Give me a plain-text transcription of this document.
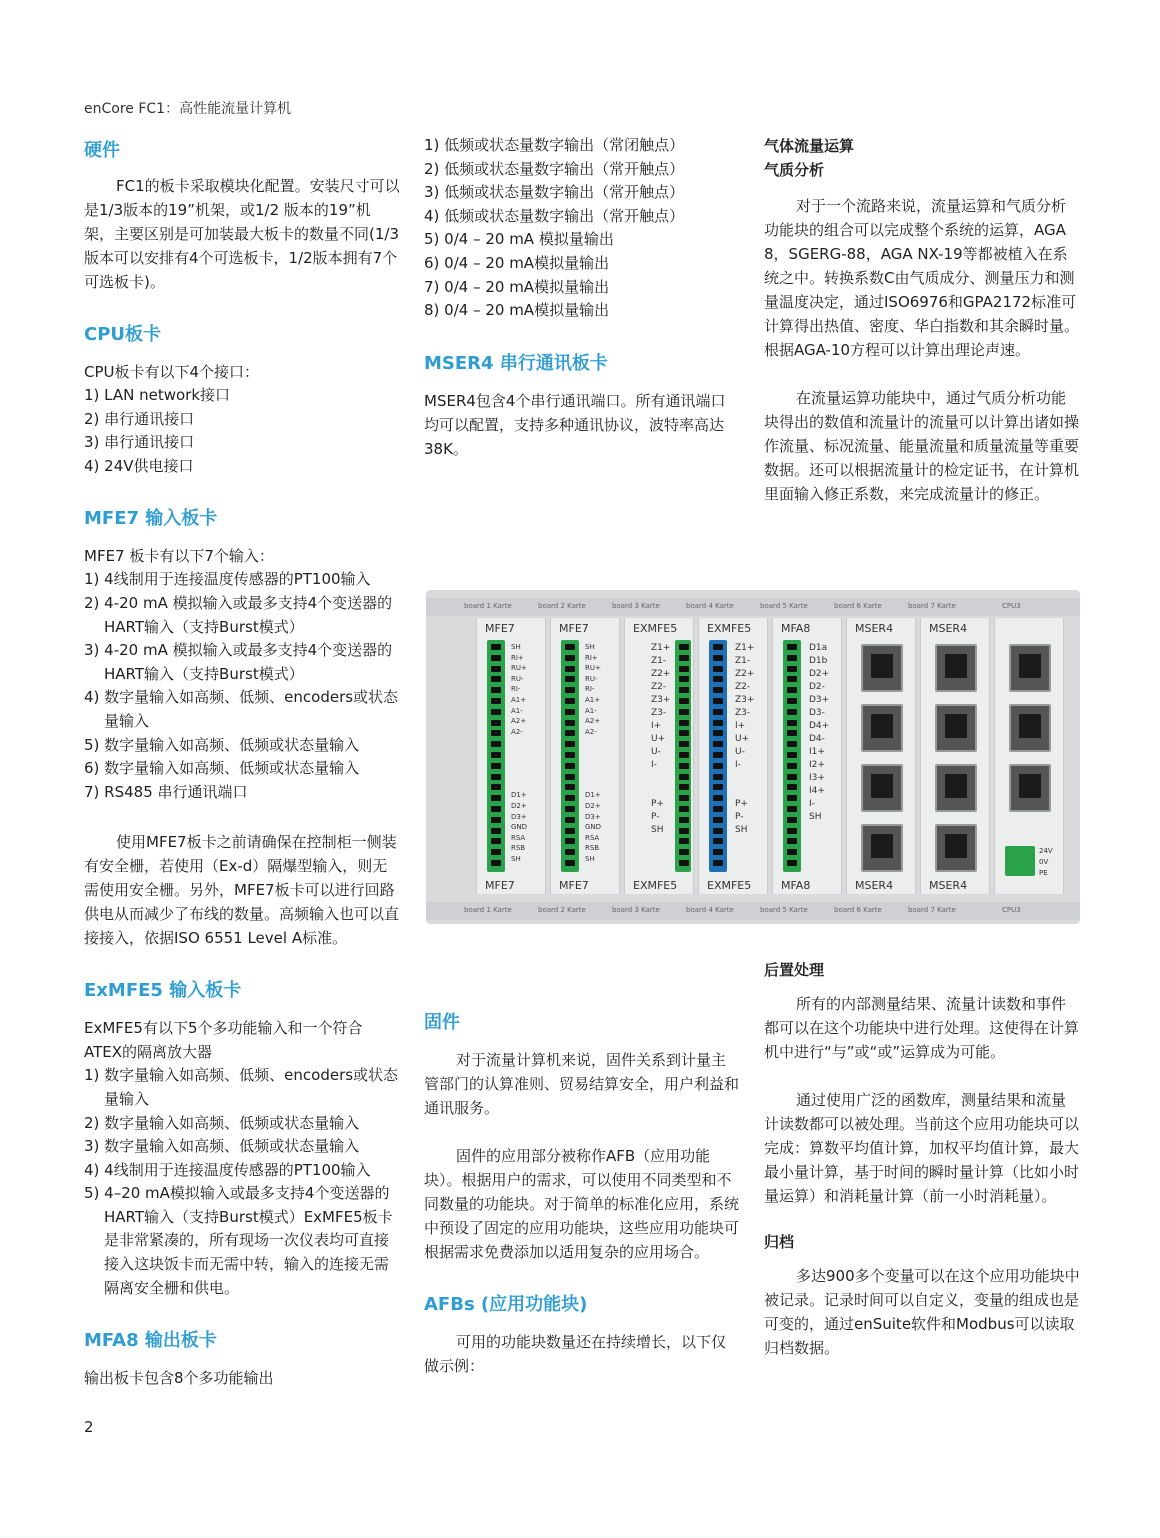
enCore FC1：高性能流量计算机
硬件

FC1的板卡采取模块化配置。安装尺寸可以是1/3版本的19”机架，或1/2 版本的19”机架，主要区别是可加装最大板卡的数量不同(1/3版本可以安排有4个可选板卡，1/2版本拥有7个可选板卡)。

CPU板卡

CPU板卡有以下4个接口：

1) LAN network接口
2) 串行通讯接口
3) 串行通讯接口
4) 24V供电接口
MFE7 输入板卡

MFE7 板卡有以下7个输入：

1) 4线制用于连接温度传感器的PT100输入
2) 4-20 mA 模拟输入或最多支持4个变送器的HART输入（支持Burst模式）
3) 4-20 mA 模拟输入或最多支持4个变送器的HART输入（支持Burst模式）
4) 数字量输入如高频、低频、encoders或状态量输入
5) 数字量输入如高频、低频或状态量输入
6) 数字量输入如高频、低频或状态量输入
7) RS485 串行通讯端口

使用MFE7板卡之前请确保在控制柜一侧装有安全栅，若使用（Ex-d）隔爆型输入，则无需使用安全栅。另外，MFE7板卡可以进行回路供电从而减少了布线的数量。高频输入也可以直接接入，依据ISO 6551 Level A标准。

ExMFE5 输入板卡

ExMFE5有以下5个多功能输入和一个符合ATEX的隔离放大器

1) 数字量输入如高频、低频、encoders或状态量输入
2) 数字量输入如高频、低频或状态量输入
3) 数字量输入如高频、低频或状态量输入
4) 4线制用于连接温度传感器的PT100输入
5) 4–20 mA模拟输入或最多支持4个变送器的HART输入（支持Burst模式）ExMFE5板卡是非常紧凑的，所有现场一次仪表均可直接接入这块饭卡而无需中转，输入的连接无需隔离安全栅和供电。
MFA8 输出板卡

输出板卡包含8个多功能输出

1) 低频或状态量数字输出（常闭触点）
2) 低频或状态量数字输出（常开触点）
3) 低频或状态量数字输出（常开触点）
4) 低频或状态量数字输出（常开触点）
5) 0/4 – 20 mA 模拟量输出
6) 0/4 – 20 mA模拟量输出
7) 0/4 – 20 mA模拟量输出
8) 0/4 – 20 mA模拟量输出
MSER4 串行通讯板卡

MSER4包含4个串行通讯端口。所有通讯端口均可以配置，支持多种通讯协议，波特率高达38K。

气体流量运算
气质分析

对于一个流路来说，流量运算和气质分析功能块的组合可以完成整个系统的运算，AGA 8，SGERG-88，AGA NX-19等都被植入在系统之中。转换系数C由气质成分、测量压力和测量温度决定，通过ISO6976和GPA2172标准可计算得出热值、密度、华白指数和其余瞬时量。根据AGA-10方程可以计算出理论声速。

在流量运算功能块中，通过气质分析功能块得出的数值和流量计的流量可以计算出诸如操作流量、标况流量、能量流量和质量流量等重要数据。还可以根据流量计的检定证书，在计算机里面输入修正系数，来完成流量计的修正。

board 1 Karte	board 2 Karte	board 3 Karte	board 4 Karte	board 5 Karte	board 6 Karte	board 7 Karte	CPU3
MFE7
SH
RI+
RU+
RU-
RI-
A1+
A1-
A2+
A2-
D1+
D2+
D3+
GND
RSA
RSB
SH
MFE7
MFE7
SH
RI+
RU+
RU-
RI-
A1+
A1-
A2+
A2-
D1+
D2+
D3+
GND
RSA
RSB
SH
MFE7
EXMFE5
Z1+
Z1-
Z2+
Z2-
Z3+
Z3-
I+
U+
U-
I-
P+
P-
SH
EXMFE5
EXMFE5
Z1+
Z1-
Z2+
Z2-
Z3+
Z3-
I+
U+
U-
I-
P+
P-
SH
EXMFE5
MFA8
D1a
D1b
D2+
D2-
D3+
D3-
D4+
D4-
I1+
I2+
I3+
I4+
I-
SH
MFA8
MSER4
MSER4
MSER4
MSER4
24V
0V
PE
board 1 Karte	board 2 Karte	board 3 Karte	board 4 Karte	board 5 Karte	board 6 Karte	board 7 Karte	CPU3
固件

对于流量计算机来说，固件关系到计量主管部门的认算准则、贸易结算安全，用户利益和通讯服务。

固件的应用部分被称作AFB（应用功能块）。根据用户的需求，可以使用不同类型和不同数量的功能块。对于简单的标准化应用，系统中预设了固定的应用功能块，这些应用功能块可根据需求免费添加以适用复杂的应用场合。

AFBs (应用功能块)

可用的功能块数量还在持续增长，以下仅做示例：

后置处理

所有的内部测量结果、流量计读数和事件都可以在这个功能块中进行处理。这使得在计算机中进行“与”或“或”运算成为可能。

通过使用广泛的函数库，测量结果和流量计读数都可以被处理。当前这个应用功能块可以完成：算数平均值计算，加权平均值计算，最大最小量计算，基于时间的瞬时量计算（比如小时量运算）和消耗量计算（前一小时消耗量）。

归档

多达900多个变量可以在这个应用功能块中被记录。记录时间可以自定义，变量的组成也是可变的，通过enSuite软件和Modbus可以读取归档数据。

2
